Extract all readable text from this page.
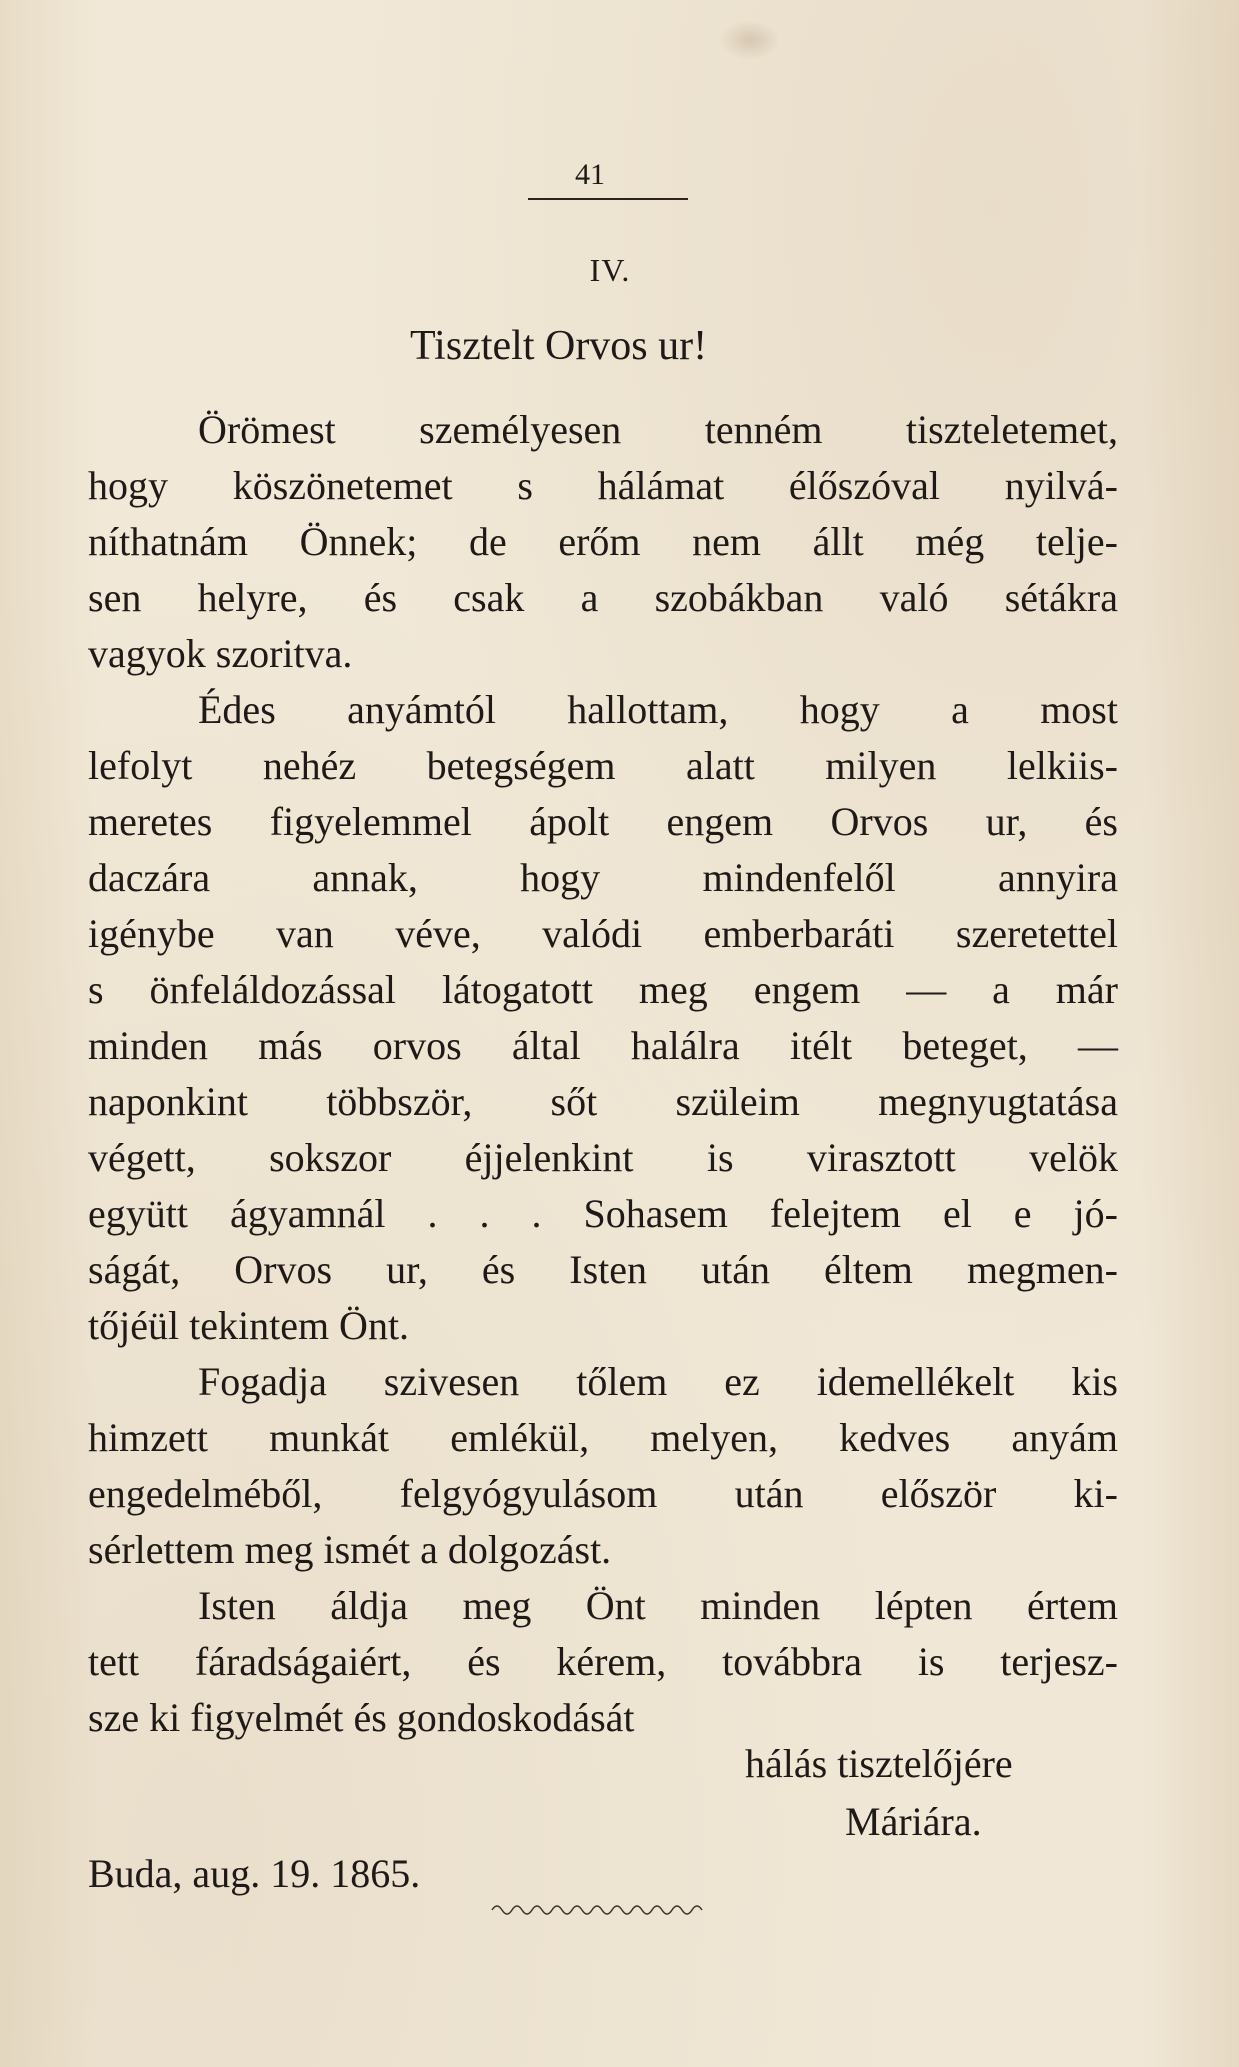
41
IV.
Tisztelt Orvos ur!
Örömest személyesen tenném tiszteletemet,
hogy köszönetemet s hálámat élőszóval nyilvá-
níthatnám Önnek; de erőm nem állt még telje-
sen helyre, és csak a szobákban való sétákra
vagyok szoritva.
Édes anyámtól hallottam, hogy a most
lefolyt nehéz betegségem alatt milyen lelkiis-
meretes figyelemmel ápolt engem Orvos ur, és
daczára annak, hogy mindenfelől annyira
igénybe van véve, valódi emberbaráti szeretettel
s önfeláldozással látogatott meg engem — a már
minden más orvos által halálra itélt beteget, —
naponkint többször, sőt szüleim megnyugtatása
végett, sokszor éjjelenkint is virasztott velök
együtt ágyamnál . . . Sohasem felejtem el e jó-
ságát, Orvos ur, és Isten után éltem megmen-
tőjéül tekintem Önt.
Fogadja szivesen tőlem ez idemellékelt kis
himzett munkát emlékül, melyen, kedves anyám
engedelméből, felgyógyulásom után először ki-
sérlettem meg ismét a dolgozást.
Isten áldja meg Önt minden lépten értem
tett fáradságaiért, és kérem, továbbra is terjesz-
sze ki figyelmét és gondoskodását
hálás tisztelőjére
Máriára.
Buda, aug. 19. 1865.
